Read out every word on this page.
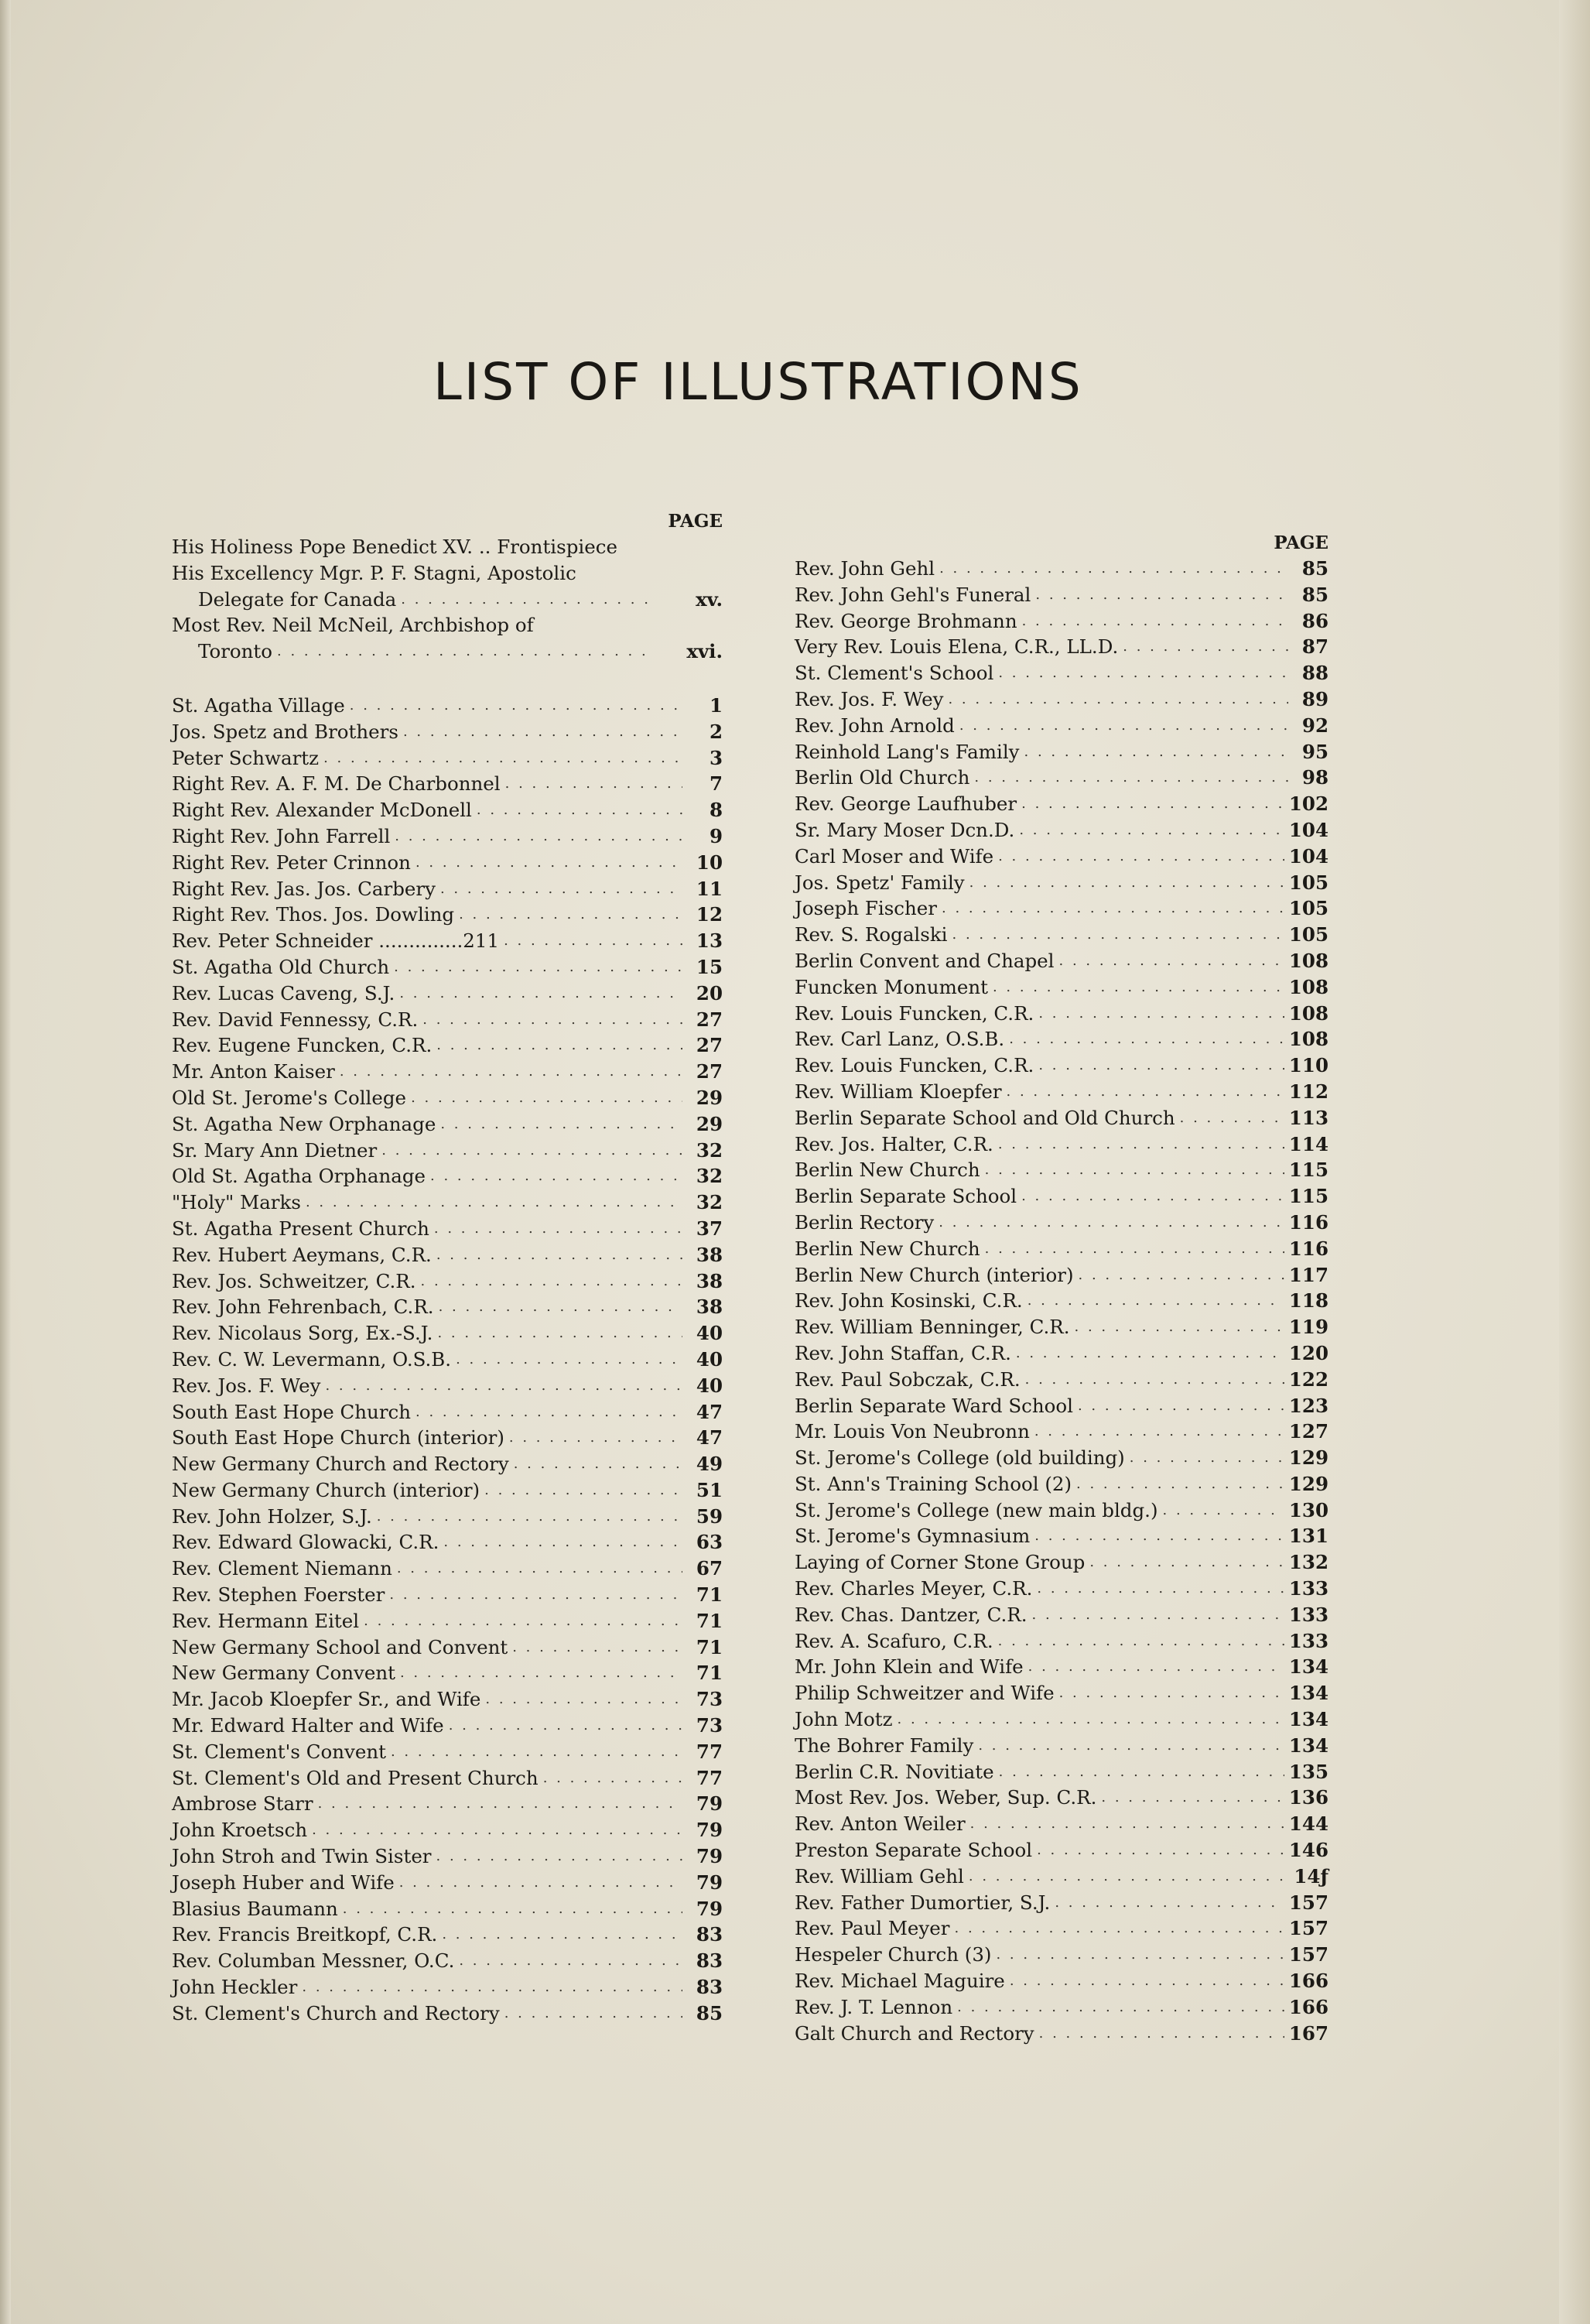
LIST OF ILLUSTRATIONS
PAGE
His Holiness Pope Benedict XV. .. Frontispiece
His Excellency Mgr. P. F. Stagni, Apostolic
Delegate for Canada . . .	xv.
Most Rev. Neil McNeil, Archbishop of
Toronto . . .	xvi.
St. Agatha Village . . .	1
Jos. Spetz and Brothers . . .	2
Peter Schwartz . . .	3
Right Rev. A. F. M. De Charbonnel . . .	7
Right Rev. Alexander McDonell . . .	8
Right Rev. John Farrell . . .	9
Right Rev. Peter Crinnon . . .	10
Right Rev. Jas. Jos. Carbery . . .	11
Right Rev. Thos. Jos. Dowling . . .	12
Rev. Peter Schneider ..............211 . . .	13
St. Agatha Old Church . . .	15
Rev. Lucas Caveng, S.J. . . .	20
Rev. David Fennessy, C.R. . . .	27
Rev. Eugene Funcken, C.R. . . .	27
Mr. Anton Kaiser . . .	27
Old St. Jerome's College . . .	29
St. Agatha New Orphanage . . .	29
Sr. Mary Ann Dietner . . .	32
Old St. Agatha Orphanage . . .	32
"Holy" Marks . . .	32
St. Agatha Present Church . . .	37
Rev. Hubert Aeymans, C.R. . . .	38
Rev. Jos. Schweitzer, C.R. . . .	38
Rev. John Fehrenbach, C.R. . . .	38
Rev. Nicolaus Sorg, Ex.-S.J. . . .	40
Rev. C. W. Levermann, O.S.B. . . .	40
Rev. Jos. F. Wey . . .	40
South East Hope Church . . .	47
South East Hope Church (interior) . . .	47
New Germany Church and Rectory . . .	49
New Germany Church (interior) . . .	51
Rev. John Holzer, S.J. . . .	59
Rev. Edward Glowacki, C.R. . . .	63
Rev. Clement Niemann . . .	67
Rev. Stephen Foerster . . .	71
Rev. Hermann Eitel . . .	71
New Germany School and Convent . . .	71
New Germany Convent . . .	71
Mr. Jacob Kloepfer Sr., and Wife . . .	73
Mr. Edward Halter and Wife . . .	73
St. Clement's Convent . . .	77
St. Clement's Old and Present Church . . .	77
Ambrose Starr . . .	79
John Kroetsch . . .	79
John Stroh and Twin Sister . . .	79
Joseph Huber and Wife . . .	79
Blasius Baumann . . .	79
Rev. Francis Breitkopf, C.R. . . .	83
Rev. Columban Messner, O.C. . . .	83
John Heckler . . .	83
St. Clement's Church and Rectory . . .	85
PAGE
Rev. John Gehl . . .	85
Rev. John Gehl's Funeral . . .	85
Rev. George Brohmann . . .	86
Very Rev. Louis Elena, C.R., LL.D. . . .	87
St. Clement's School . . .	88
Rev. Jos. F. Wey . . .	89
Rev. John Arnold . . .	92
Reinhold Lang's Family . . .	95
Berlin Old Church . . .	98
Rev. George Laufhuber . . .	102
Sr. Mary Moser Dcn.D. . . .	104
Carl Moser and Wife . . .	104
Jos. Spetz' Family . . .	105
Joseph Fischer . . .	105
Rev. S. Rogalski . . .	105
Berlin Convent and Chapel . . .	108
Funcken Monument . . .	108
Rev. Louis Funcken, C.R. . . .	108
Rev. Carl Lanz, O.S.B. . . .	108
Rev. Louis Funcken, C.R. . . .	110
Rev. William Kloepfer . . .	112
Berlin Separate School and Old Church . . .	113
Rev. Jos. Halter, C.R. . . .	114
Berlin New Church . . .	115
Berlin Separate School . . .	115
Berlin Rectory . . .	116
Berlin New Church . . .	116
Berlin New Church (interior) . . .	117
Rev. John Kosinski, C.R. . . .	118
Rev. William Benninger, C.R. . . .	119
Rev. John Staffan, C.R. . . .	120
Rev. Paul Sobczak, C.R. . . .	122
Berlin Separate Ward School . . .	123
Mr. Louis Von Neubronn . . .	127
St. Jerome's College (old building) . . .	129
St. Ann's Training School (2) . . .	129
St. Jerome's College (new main bldg.) . . .	130
St. Jerome's Gymnasium . . .	131
Laying of Corner Stone Group . . .	132
Rev. Charles Meyer, C.R. . . .	133
Rev. Chas. Dantzer, C.R. . . .	133
Rev. A. Scafuro, C.R. . . .	133
Mr. John Klein and Wife . . .	134
Philip Schweitzer and Wife . . .	134
John Motz . . .	134
The Bohrer Family . . .	134
Berlin C.R. Novitiate . . .	135
Most Rev. Jos. Weber, Sup. C.R. . . .	136
Rev. Anton Weiler . . .	144
Preston Separate School . . .	146
Rev. William Gehl . . .	14ƒ
Rev. Father Dumortier, S.J. . . .	157
Rev. Paul Meyer . . .	157
Hespeler Church (3) . . .	157
Rev. Michael Maguire . . .	166
Rev. J. T. Lennon . . .	166
Galt Church and Rectory . . .	167
